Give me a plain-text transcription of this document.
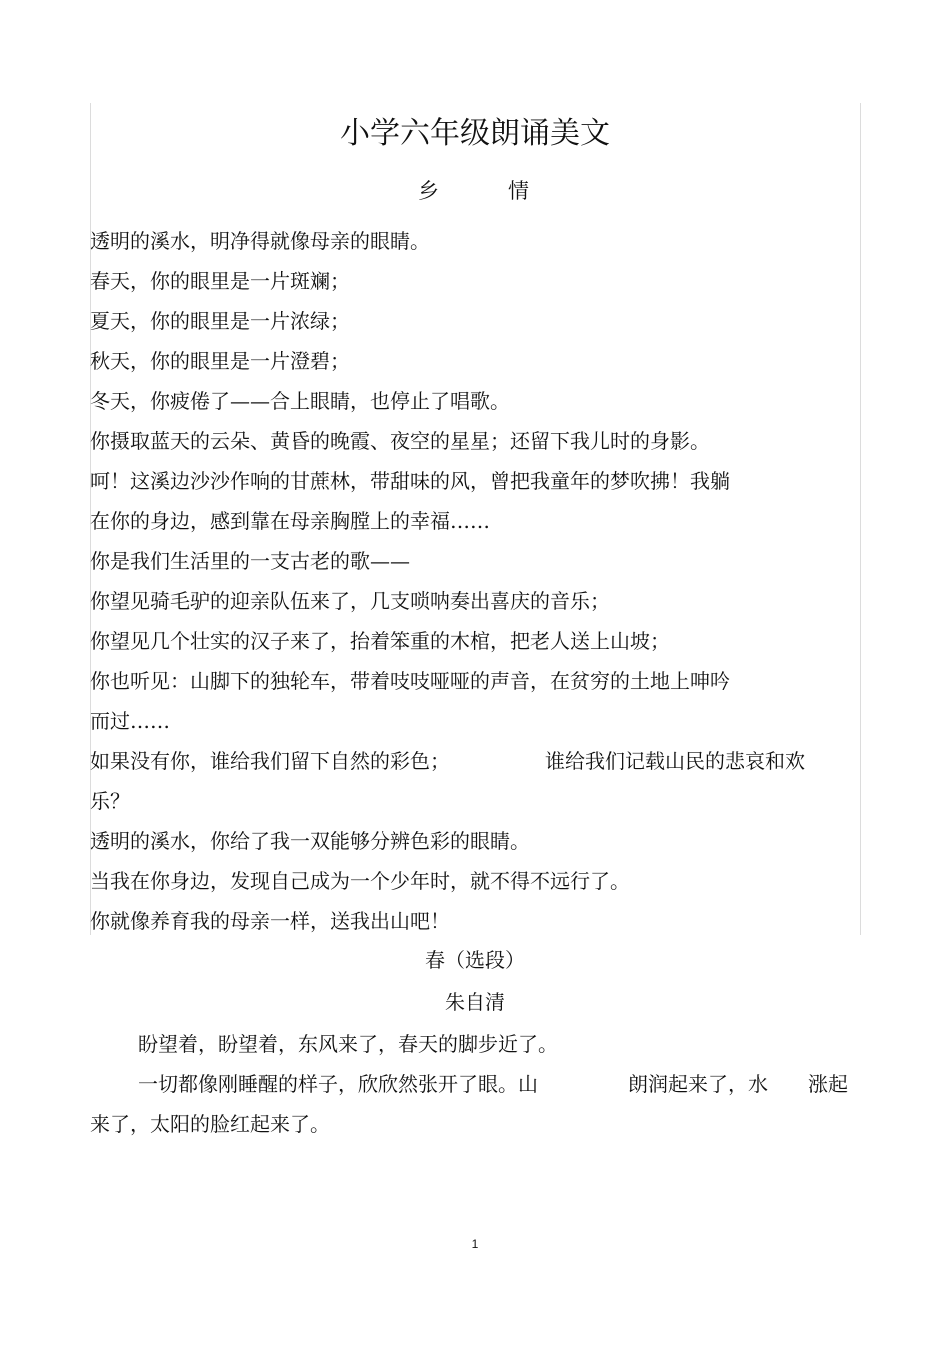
小学六年级朗诵美文
乡	情
透明的溪水，明净得就像母亲的眼睛。
春天，你的眼里是一片斑斓；
夏天，你的眼里是一片浓绿；
秋天，你的眼里是一片澄碧；
冬天，你疲倦了——合上眼睛，也停止了唱歌。
你摄取蓝天的云朵、黄昏的晚霞、夜空的星星；还留下我儿时的身影。
呵！这溪边沙沙作响的甘蔗林，带甜味的风，曾把我童年的梦吹拂！我躺
在你的身边，感到靠在母亲胸膛上的幸福……
你是我们生活里的一支古老的歌——
你望见骑毛驴的迎亲队伍来了，几支唢呐奏出喜庆的音乐；
你望见几个壮实的汉子来了，抬着笨重的木棺，把老人送上山坡；
你也听见：山脚下的独轮车，带着吱吱哑哑的声音，在贫穷的土地上呻吟
而过……
如果没有你，谁给我们留下自然的彩色；	谁给我们记载山民的悲哀和欢
乐？
透明的溪水，你给了我一双能够分辨色彩的眼睛。
当我在你身边，发现自己成为一个少年时，就不得不远行了。
你就像养育我的母亲一样，送我出山吧！
春（选段）
朱自清
盼望着，盼望着，东风来了，春天的脚步近了。
一切都像刚睡醒的样子，欣欣然张开了眼。山	朗润起来了，水 涨起
来了，太阳的脸红起来了。
1
